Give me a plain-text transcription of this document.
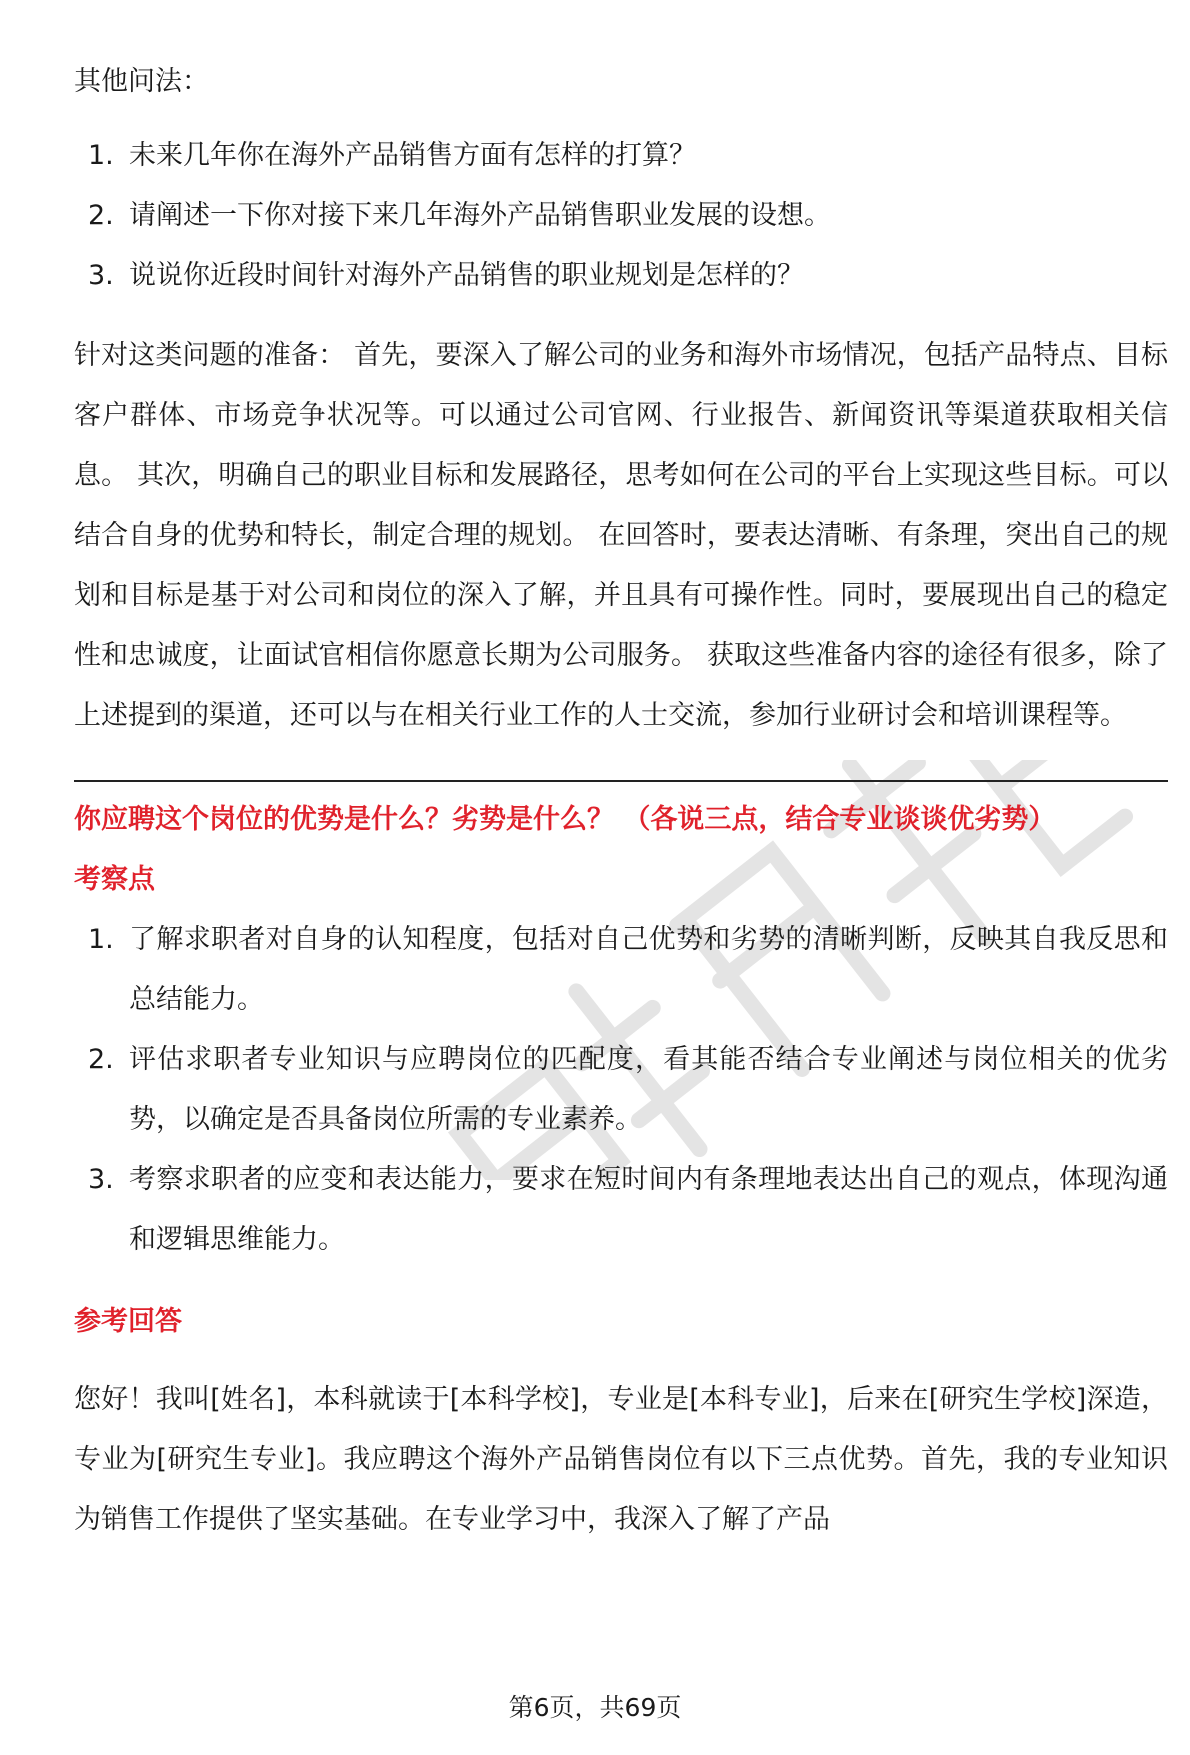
其他问法：

1. 未来几年你在海外产品销售方面有怎样的打算？
2. 请阐述一下你对接下来几年海外产品销售职业发展的设想。
3. 说说你近段时间针对海外产品销售的职业规划是怎样的？

针对这类问题的准备： 首先，要深入了解公司的业务和海外市场情况，包括产品特点、目标客户群体、市场竞争状况等。可以通过公司官网、行业报告、新闻资讯等渠道获取相关信息。 其次，明确自己的职业目标和发展路径，思考如何在公司的平台上实现这些目标。可以结合自身的优势和特长，制定合理的规划。 在回答时，要表达清晰、有条理，突出自己的规划和目标是基于对公司和岗位的深入了解，并且具有可操作性。同时，要展现出自己的稳定性和忠诚度，让面试官相信你愿意长期为公司服务。 获取这些准备内容的途径有很多，除了上述提到的渠道，还可以与在相关行业工作的人士交流，参加行业研讨会和培训课程等。

你应聘这个岗位的优势是什么？劣势是什么？ （各说三点，结合专业谈谈优劣势）

考察点

1. 了解求职者对自身的认知程度，包括对自己优势和劣势的清晰判断，反映其自我反思和总结能力。
2. 评估求职者专业知识与应聘岗位的匹配度，看其能否结合专业阐述与岗位相关的优劣势，以确定是否具备岗位所需的专业素养。
3. 考察求职者的应变和表达能力，要求在短时间内有条理地表达出自己的观点，体现沟通和逻辑思维能力。

参考回答

您好！我叫[姓名]，本科就读于[本科学校]，专业是[本科专业]，后来在[研究生学校]深造，专业为[研究生专业]。我应聘这个海外产品销售岗位有以下三点优势。首先，我的专业知识为销售工作提供了坚实基础。在专业学习中，我深入了解了产品

第6页，共69页
